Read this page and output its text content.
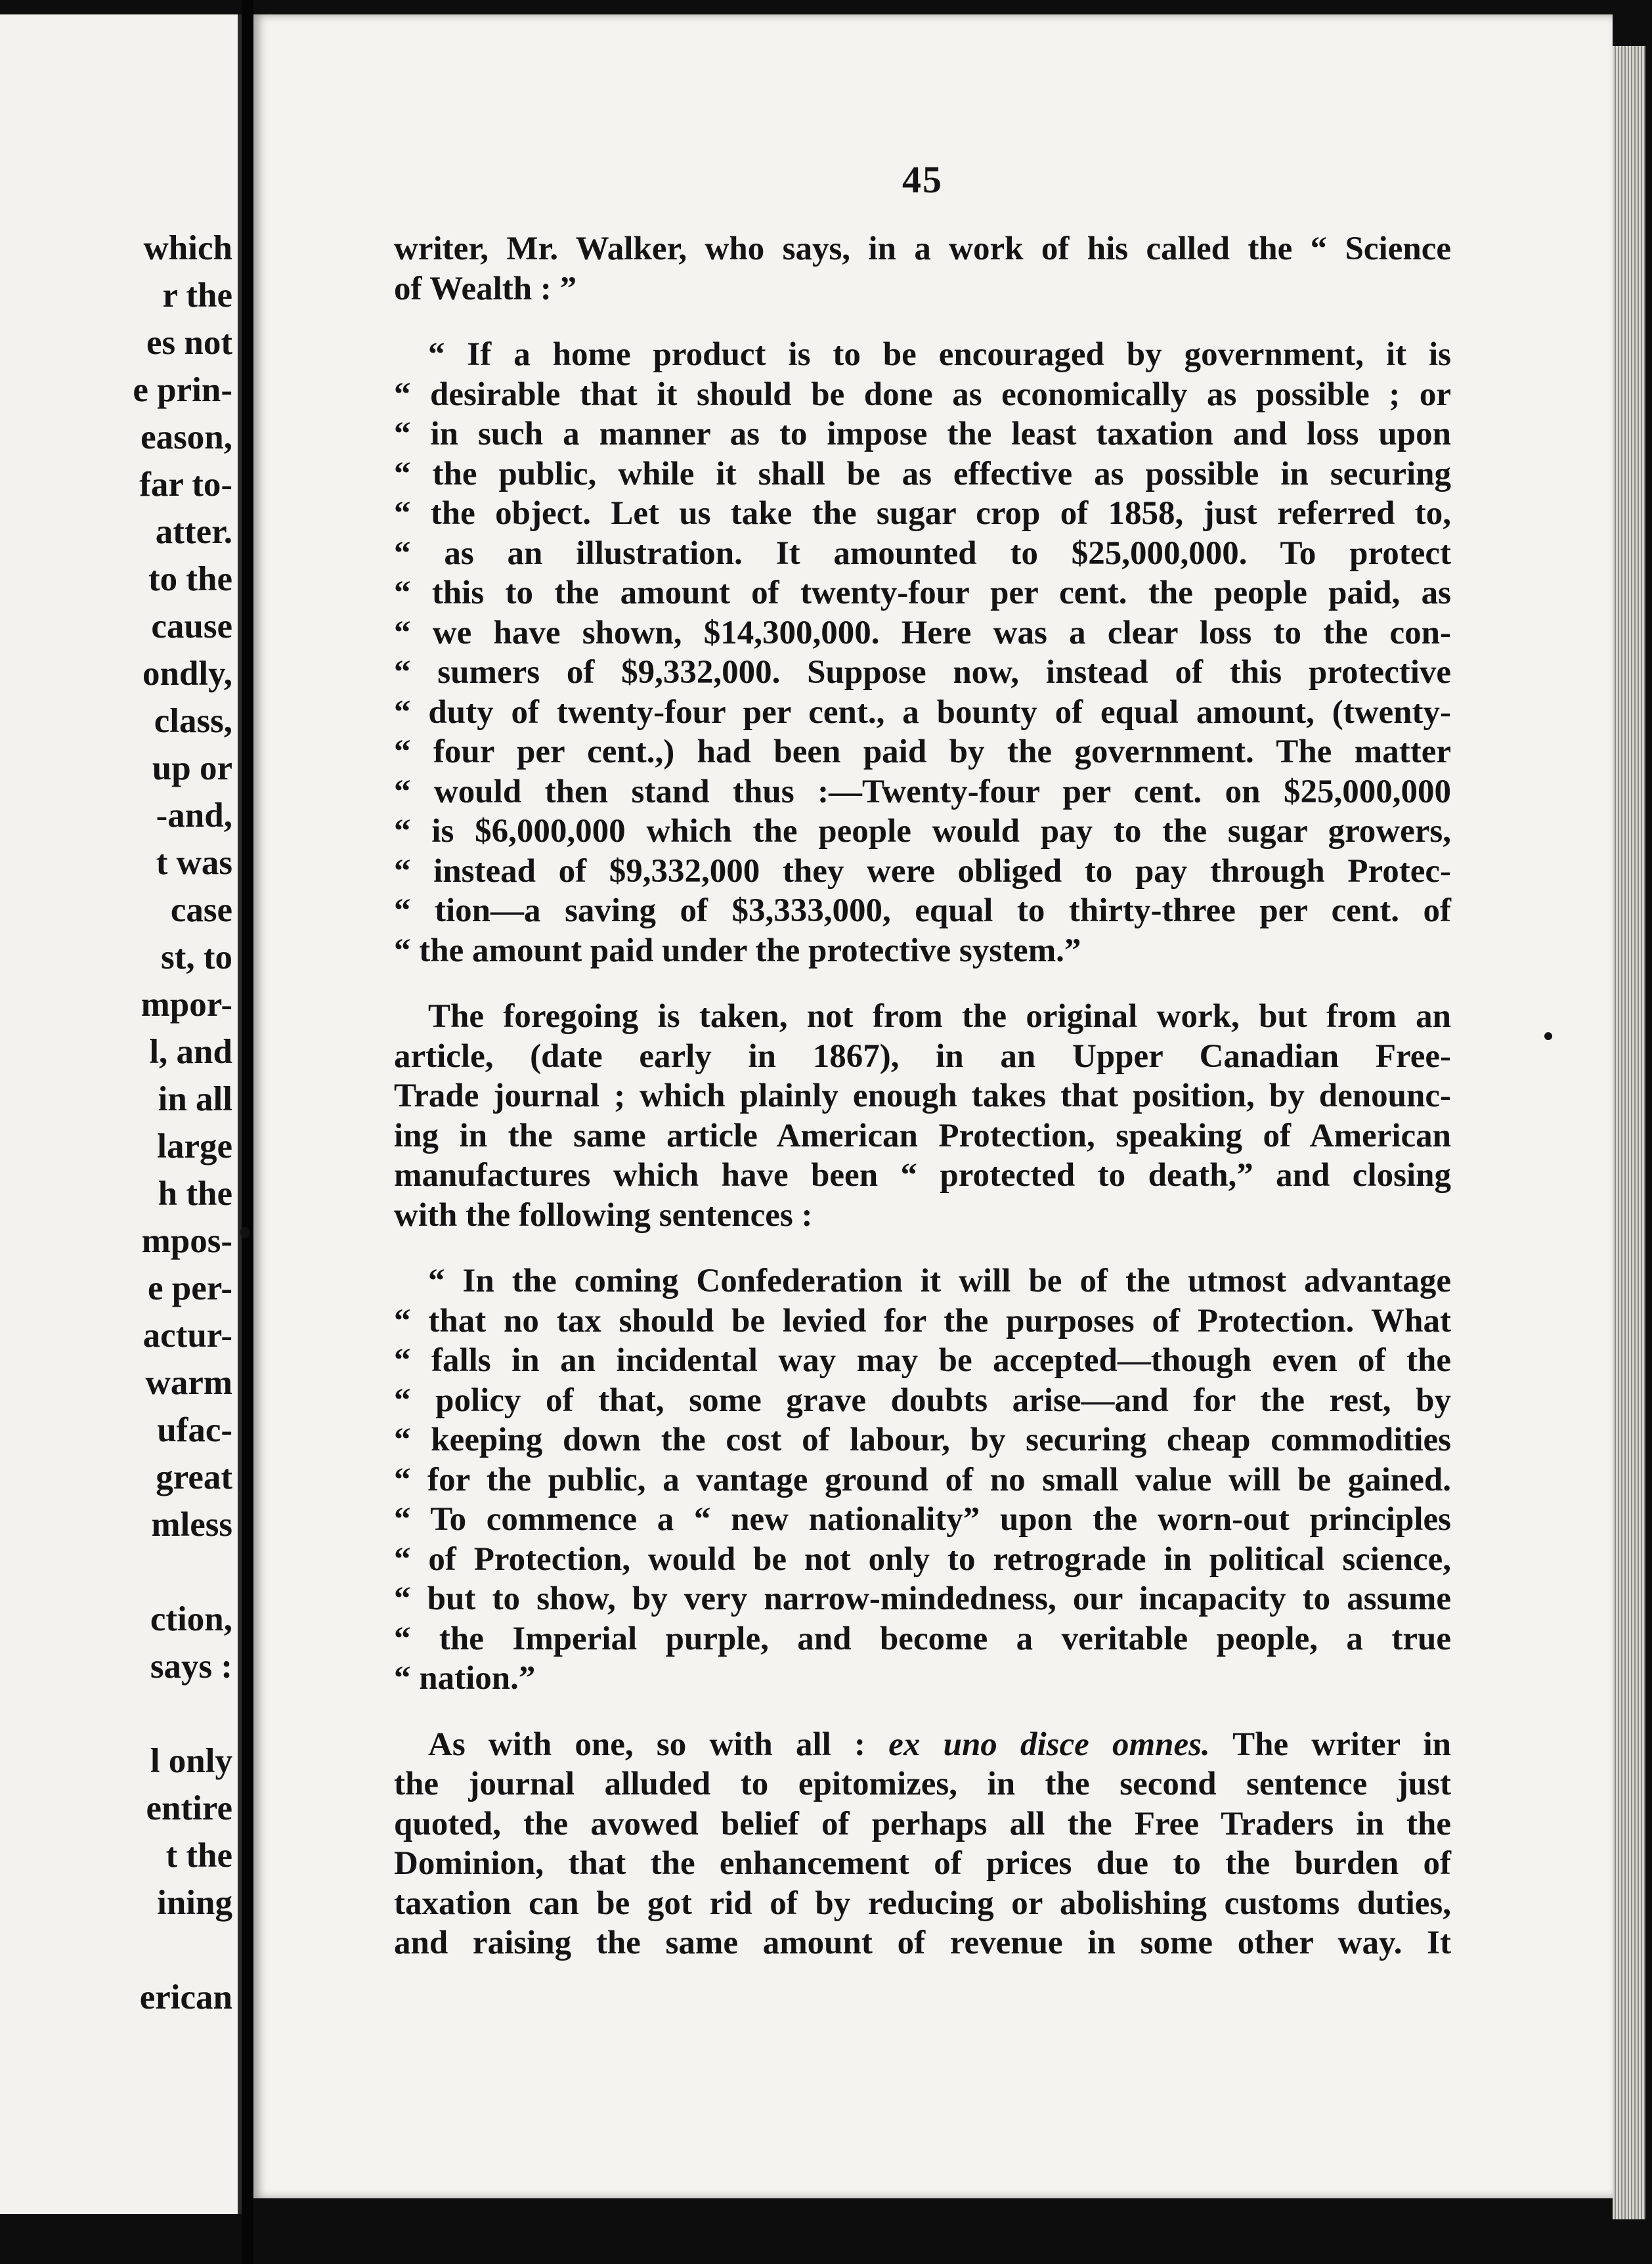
which
r the
es not
e prin-
eason,
far to-
atter.
to the
cause
ondly,
class,
up or
-and,
t was
case
st, to
mpor-
l, and
in all
large
h the
mpos-
e per-
actur-
warm
ufac-
great
mless
ction,
says :
l only
entire
t the
ining
erican
45
writer, Mr. Walker, who says, in a work of his called the “ Science
of Wealth : ”
“ If a home product is to be encouraged by government, it is
“ desirable that it should be done as economically as possible ; or
“ in such a manner as to impose the least taxation and loss upon
“ the public, while it shall be as effective as possible in securing
“ the object. Let us take the sugar crop of 1858, just referred to,
“ as an illustration. It amounted to $25,000,000. To protect
“ this to the amount of twenty-four per cent. the people paid, as
“ we have shown, $14,300,000. Here was a clear loss to the con-
“ sumers of $9,332,000. Suppose now, instead of this protective
“ duty of twenty-four per cent., a bounty of equal amount, (twenty-
“ four per cent.,) had been paid by the government. The matter
“ would then stand thus :—Twenty-four per cent. on $25,000,000
“ is $6,000,000 which the people would pay to the sugar growers,
“ instead of $9,332,000 they were obliged to pay through Protec-
“ tion—a saving of $3,333,000, equal to thirty-three per cent. of
“ the amount paid under the protective system.”
The foregoing is taken, not from the original work, but from an
article, (date early in 1867), in an Upper Canadian Free-
Trade journal ; which plainly enough takes that position, by denounc-
ing in the same article American Protection, speaking of American
manufactures which have been “ protected to death,” and closing
with the following sentences :
“ In the coming Confederation it will be of the utmost advantage
“ that no tax should be levied for the purposes of Protection. What
“ falls in an incidental way may be accepted—though even of the
“ policy of that, some grave doubts arise—and for the rest, by
“ keeping down the cost of labour, by securing cheap commodities
“ for the public, a vantage ground of no small value will be gained.
“ To commence a “ new nationality” upon the worn-out principles
“ of Protection, would be not only to retrograde in political science,
“ but to show, by very narrow-mindedness, our incapacity to assume
“ the Imperial purple, and become a veritable people, a true
“ nation.”
As with one, so with all : ex uno disce omnes. The writer in
the journal alluded to epitomizes, in the second sentence just
quoted, the avowed belief of perhaps all the Free Traders in the
Dominion, that the enhancement of prices due to the burden of
taxation can be got rid of by reducing or abolishing customs duties,
and raising the same amount of revenue in some other way. It
